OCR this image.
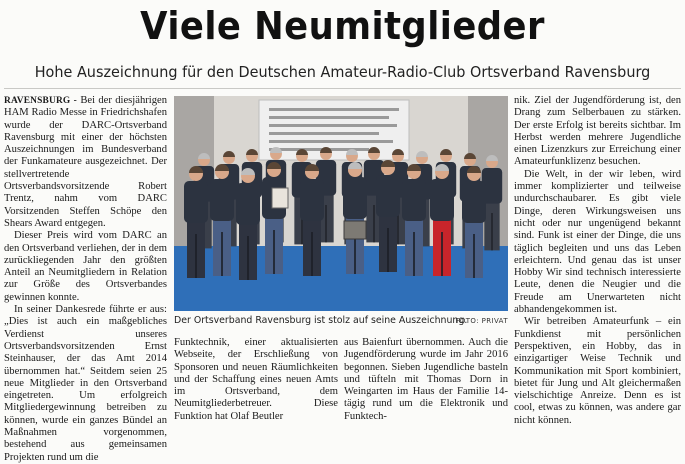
Viele Neumitglieder
Hohe Auszeichnung für den Deutschen Amateur-Radio-Club Ortsverband Ravensburg

RAVENSBURG - Bei der diesjährigen HAM Radio Messe in Friedrichshafen wurde der DARC-Ortsverband Ravensburg mit einer der höchsten Auszeichnungen im Bundesverband der Funkamateure ausgezeichnet. Der stellvertretende Ortsverbandsvorsitzende Robert Trentz, nahm vom DARC Vorsitzenden Steffen Schöpe den Shears Award entgegen.

Dieser Preis wird vom DARC an den Ortsverband verliehen, der in dem zurückliegenden Jahr den größten Anteil an Neumitgliedern in Relation zur Größe des Ortsverbandes gewinnen konnte.

In seiner Dankesrede führte er aus: „Dies ist auch ein maßgebliches Verdienst unseres Ortsverbandsvorsitzenden Ernst Steinhauser, der das Amt 2014 übernommen hat.“ Seitdem seien 25 neue Mitglieder in den Ortsverband eingetreten. Um erfolgreich Mitgliedergewinnung betreiben zu können, wurde ein ganzes Bündel an Maßnahmen vorgenommen, bestehend aus gemeinsamen Projekten rund um die

Der Ortsverband Ravensburg ist stolz auf seine Auszeichnung.
FOTO: PRIVAT

Funktechnik, einer aktualisierten Webseite, der Erschließung von Sponsoren und neuen Räumlichkeiten und der Schaffung eines neuen Amts im Ortsverband, dem Neumitgliederbetreuer. Diese Funktion hat Olaf Beutler

aus Baienfurt übernommen. Auch die Jugendförderung wurde im Jahr 2016 begonnen. Sieben Jugendliche basteln und tüfteln mit Thomas Dorn in Weingarten im Haus der Familie 14-tägig rund um die Elektronik und Funktech-

nik. Ziel der Jugendförderung ist, den Drang zum Selberbauen zu stärken. Der erste Erfolg ist bereits sichtbar. Im Herbst werden mehrere Jugendliche einen Lizenzkurs zur Erreichung einer Amateurfunklizenz besuchen.

Die Welt, in der wir leben, wird immer komplizierter und teilweise undurchschaubarer. Es gibt viele Dinge, deren Wirkungsweisen uns nicht oder nur ungenügend bekannt sind. Funk ist einer der Dinge, die uns täglich begleiten und uns das Leben erleichtern. Und genau das ist unser Hobby Wir sind technisch interessierte Leute, denen die Neugier und die Freude am Unerwarteten nicht abhandengekommen ist.

Wir betreiben Amateurfunk – ein Funkdienst mit persönlichen Perspektiven, ein Hobby, das in einzigartiger Weise Technik und Kommunikation mit Sport kombiniert, bietet für Jung und Alt gleichermaßen vielschichtige Anreize. Denn es ist cool, etwas zu können, was andere gar nicht können.
